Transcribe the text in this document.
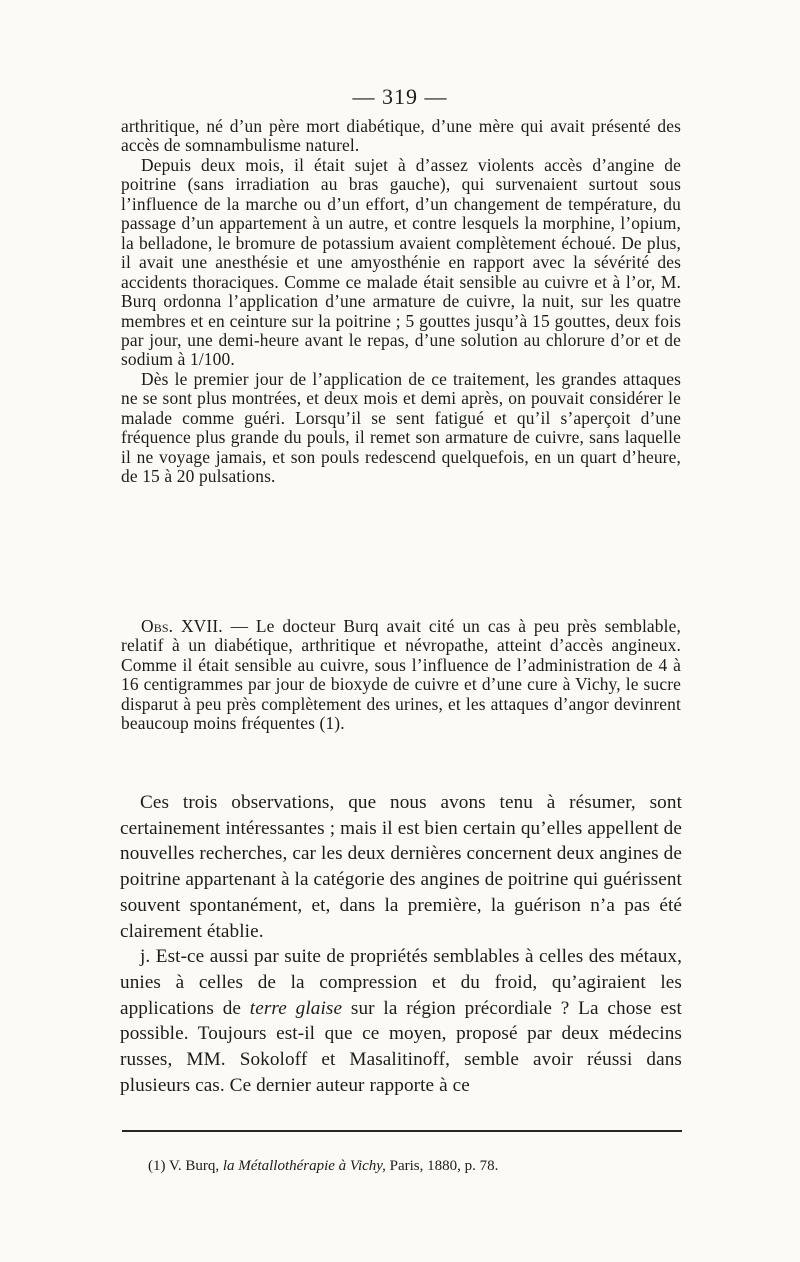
— 319 —

arthritique, né d’un père mort diabétique, d’une mère qui avait présenté des accès de somnambulisme naturel.

Depuis deux mois, il était sujet à d’assez violents accès d’angine de poitrine (sans irradiation au bras gauche), qui survenaient surtout sous l’influence de la marche ou d’un effort, d’un changement de température, du passage d’un appartement à un autre, et contre lesquels la morphine, l’opium, la belladone, le bromure de potassium avaient complètement échoué. De plus, il avait une anesthésie et une amyosthénie en rapport avec la sévérité des accidents thoraciques. Comme ce malade était sensible au cuivre et à l’or, M. Burq ordonna l’application d’une armature de cuivre, la nuit, sur les quatre membres et en ceinture sur la poitrine ; 5 gouttes jusqu’à 15 gouttes, deux fois par jour, une demi-heure avant le repas, d’une solution au chlorure d’or et de sodium à 1/100.

Dès le premier jour de l’application de ce traitement, les grandes attaques ne se sont plus montrées, et deux mois et demi après, on pouvait considérer le malade comme guéri. Lorsqu’il se sent fatigué et qu’il s’aperçoit d’une fréquence plus grande du pouls, il remet son armature de cuivre, sans laquelle il ne voyage jamais, et son pouls redescend quelquefois, en un quart d’heure, de 15 à 20 pulsations.

Obs. XVII. — Le docteur Burq avait cité un cas à peu près semblable, relatif à un diabétique, arthritique et névropathe, atteint d’accès angineux. Comme il était sensible au cuivre, sous l’influence de l’administration de 4 à 16 centigrammes par jour de bioxyde de cuivre et d’une cure à Vichy, le sucre disparut à peu près complètement des urines, et les attaques d’angor devinrent beaucoup moins fréquentes (1).

Ces trois observations, que nous avons tenu à résumer, sont certainement intéressantes ; mais il est bien certain qu’elles appellent de nouvelles recherches, car les deux dernières concernent deux angines de poitrine appartenant à la catégorie des angines de poitrine qui guérissent souvent spontanément, et, dans la première, la guérison n’a pas été clairement établie.

j. Est-ce aussi par suite de propriétés semblables à celles des métaux, unies à celles de la compression et du froid, qu’agiraient les applications de terre glaise sur la région précordiale ? La chose est possible. Toujours est-il que ce moyen, proposé par deux médecins russes, MM. Sokoloff et Masalitinoff, semble avoir réussi dans plusieurs cas. Ce dernier auteur rapporte à ce

(1) V. Burq, la Métallothérapie à Vichy, Paris, 1880, p. 78.
